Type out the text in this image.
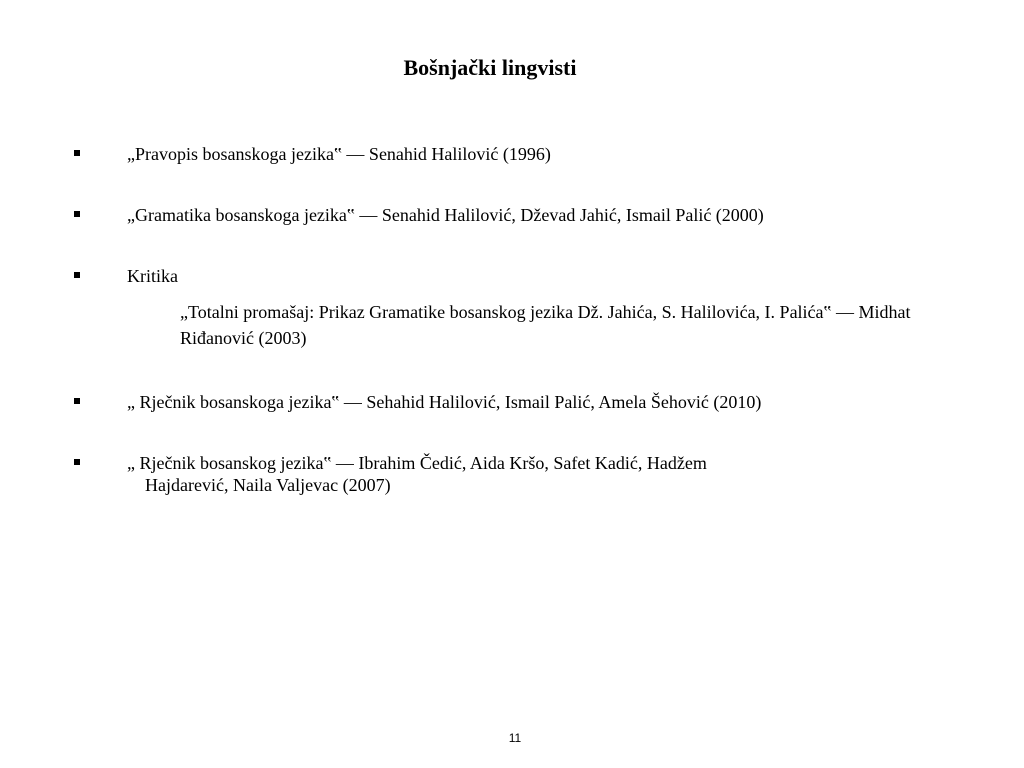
Bošnjački lingvisti
„Pravopis bosanskoga jezika‟ — Senahid Halilović (1996)
„Gramatika bosanskoga jezika‟ — Senahid Halilović, Dževad Jahić, Ismail Palić (2000)
Kritika
„Totalni promašaj: Prikaz Gramatike bosanskog jezika Dž. Jahića, S. Halilovića, I. Palića‟ — Midhat Riđanović (2003)
„ Rječnik bosanskoga jezika‟ — Sehahid Halilović, Ismail Palić, Amela Šehović (2010)
„ Rječnik bosanskog jezika‟ — Ibrahim Čedić, Aida Kršo, Safet Kadić, Hadžem
Hajdarević, Naila Valjevac (2007)
11
